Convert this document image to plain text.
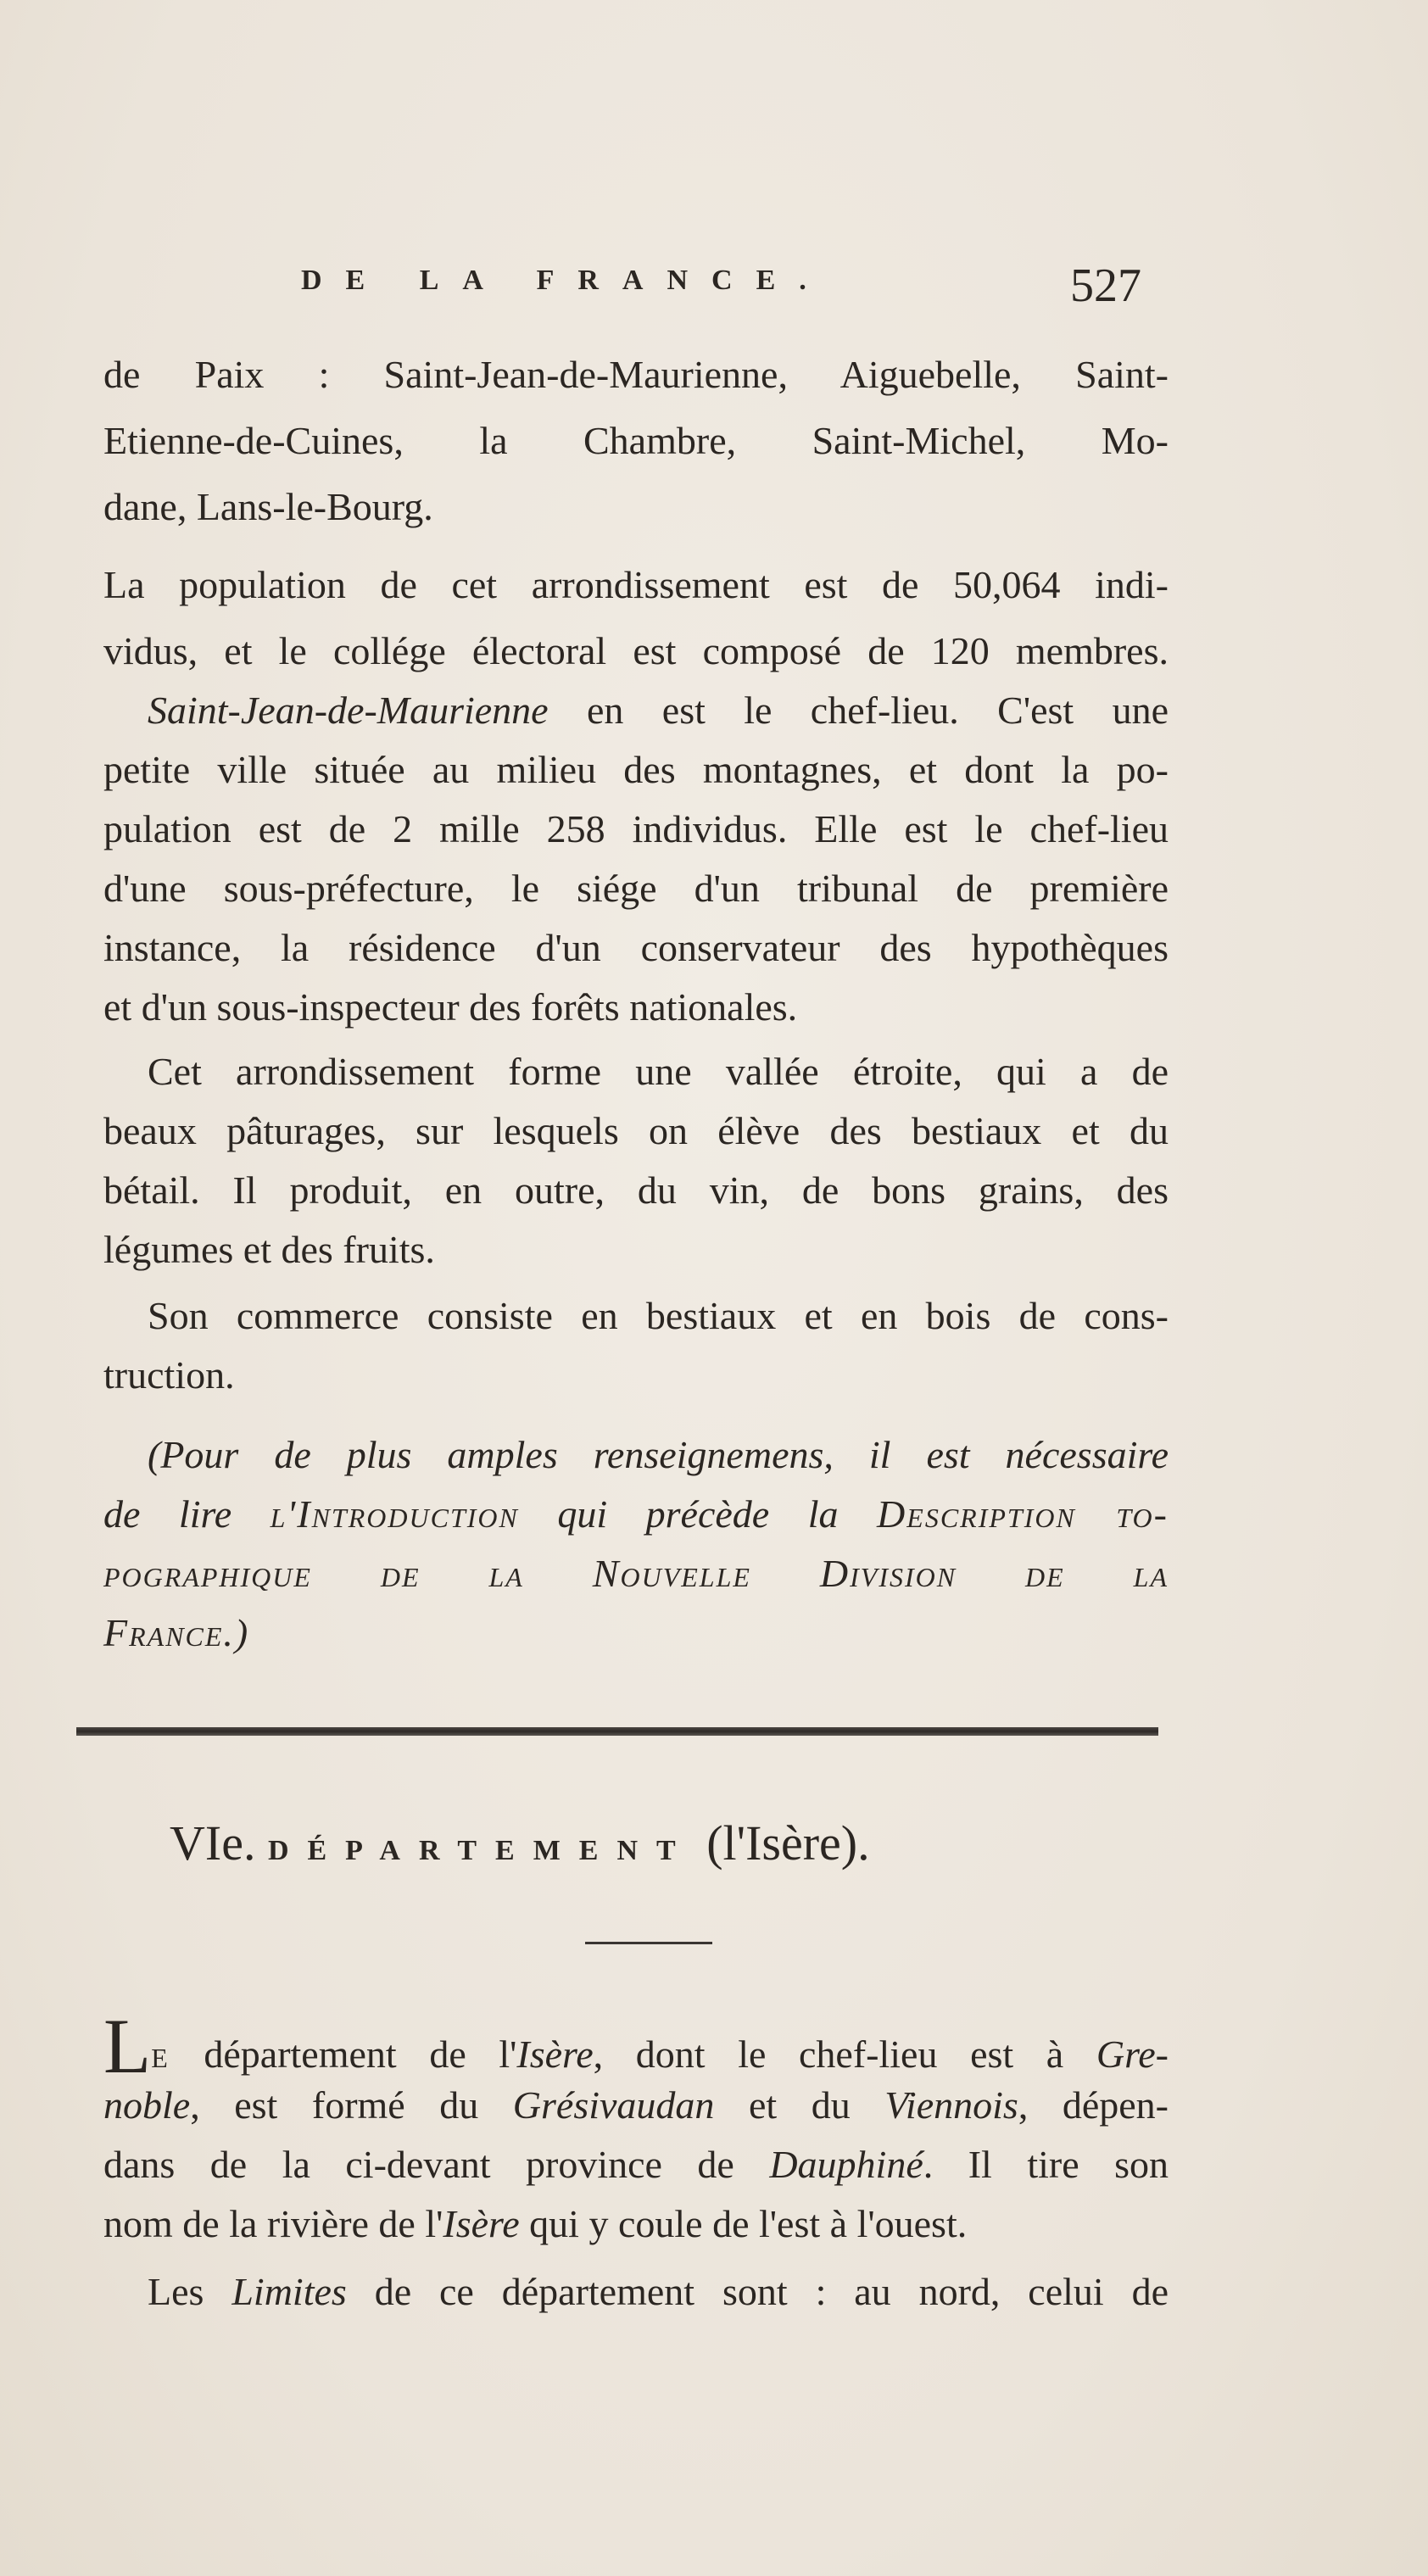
DE LA FRANCE.	527
de Paix : Saint-Jean-de-Maurienne, Aiguebelle, Saint-
Etienne-de-Cuines, la Chambre, Saint-Michel, Mo-
dane, Lans-le-Bourg.
La population de cet arrondissement est de 50,064 indi-
vidus, et le collége électoral est composé de 120 membres.
Saint-Jean-de-Maurienne en est le chef-lieu. C'est une
petite ville située au milieu des montagnes, et dont la po-
pulation est de 2 mille 258 individus. Elle est le chef-lieu
d'une sous-préfecture, le siége d'un tribunal de première
instance, la résidence d'un conservateur des hypothèques
et d'un sous-inspecteur des forêts nationales.
Cet arrondissement forme une vallée étroite, qui a de
beaux pâturages, sur lesquels on élève des bestiaux et du
bétail. Il produit, en outre, du vin, de bons grains, des
légumes et des fruits.
Son commerce consiste en bestiaux et en bois de cons-
truction.
(Pour de plus amples renseignemens, il est nécessaire
de lire l'Introduction qui précède la Description to-
pographique de la Nouvelle Division de la
France.)
VIe. DÉPARTEMENT (l'Isère).
LE département de l'Isère, dont le chef-lieu est à Gre-
noble, est formé du Grésivaudan et du Viennois, dépen-
dans de la ci-devant province de Dauphiné. Il tire son
nom de la rivière de l'Isère qui y coule de l'est à l'ouest.
Les Limites de ce département sont : au nord, celui de
